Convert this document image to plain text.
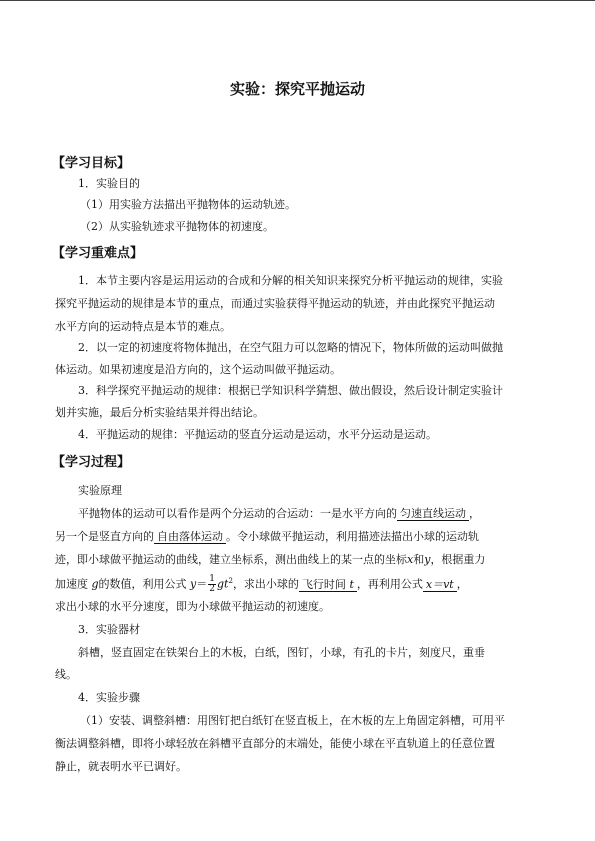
实验：探究平抛运动
【学习目标】
1．实验目的
（1）用实验方法描出平抛物体的运动轨迹。
（2）从实验轨迹求平抛物体的初速度。
【学习重难点】
1．本节主要内容是运用运动的合成和分解的相关知识来探究分析平抛运动的规律，实验
探究平抛运动的规律是本节的重点，而通过实验获得平抛运动的轨迹，并由此探究平抛运动
水平方向的运动特点是本节的难点。
2．以一定的初速度将物体抛出，在空气阻力可以忽略的情况下，物体所做的运动叫做抛
体运动。如果初速度是沿方向的，这个运动叫做平抛运动。
3．科学探究平抛运动的规律：根据已学知识科学猜想、做出假设，然后设计制定实验计
划并实施，最后分析实验结果并得出结论。
4．平抛运动的规律：平抛运动的竖直分运动是运动，水平分运动是运动。
【学习过程】
实验原理
平抛物体的运动可以看作是两个分运动的合运动：一是水平方向的 匀速直线运动 ，
另一个是竖直方向的 自由落体运动 。令小球做平抛运动，利用描迹法描出小球的运动轨
迹，即小球做平抛运动的曲线，建立坐标系，测出曲线上的某一点的坐标x和y，根据重力
加速度 g的数值，利用公式 $y= \frac{1}{2} gt^2$，求出小球的 飞行时间 t ，再利用公式 x＝vt ，
求出小球的水平分速度，即为小球做平抛运动的初速度。
3．实验器材
斜槽，竖直固定在铁架台上的木板，白纸，图钉，小球，有孔的卡片，刻度尺，重垂
线。
4．实验步骤
（1）安装、调整斜槽：用图钉把白纸钉在竖直板上，在木板的左上角固定斜槽，可用平
衡法调整斜槽，即将小球轻放在斜槽平直部分的末端处，能使小球在平直轨道上的任意位置
静止，就表明水平已调好。
